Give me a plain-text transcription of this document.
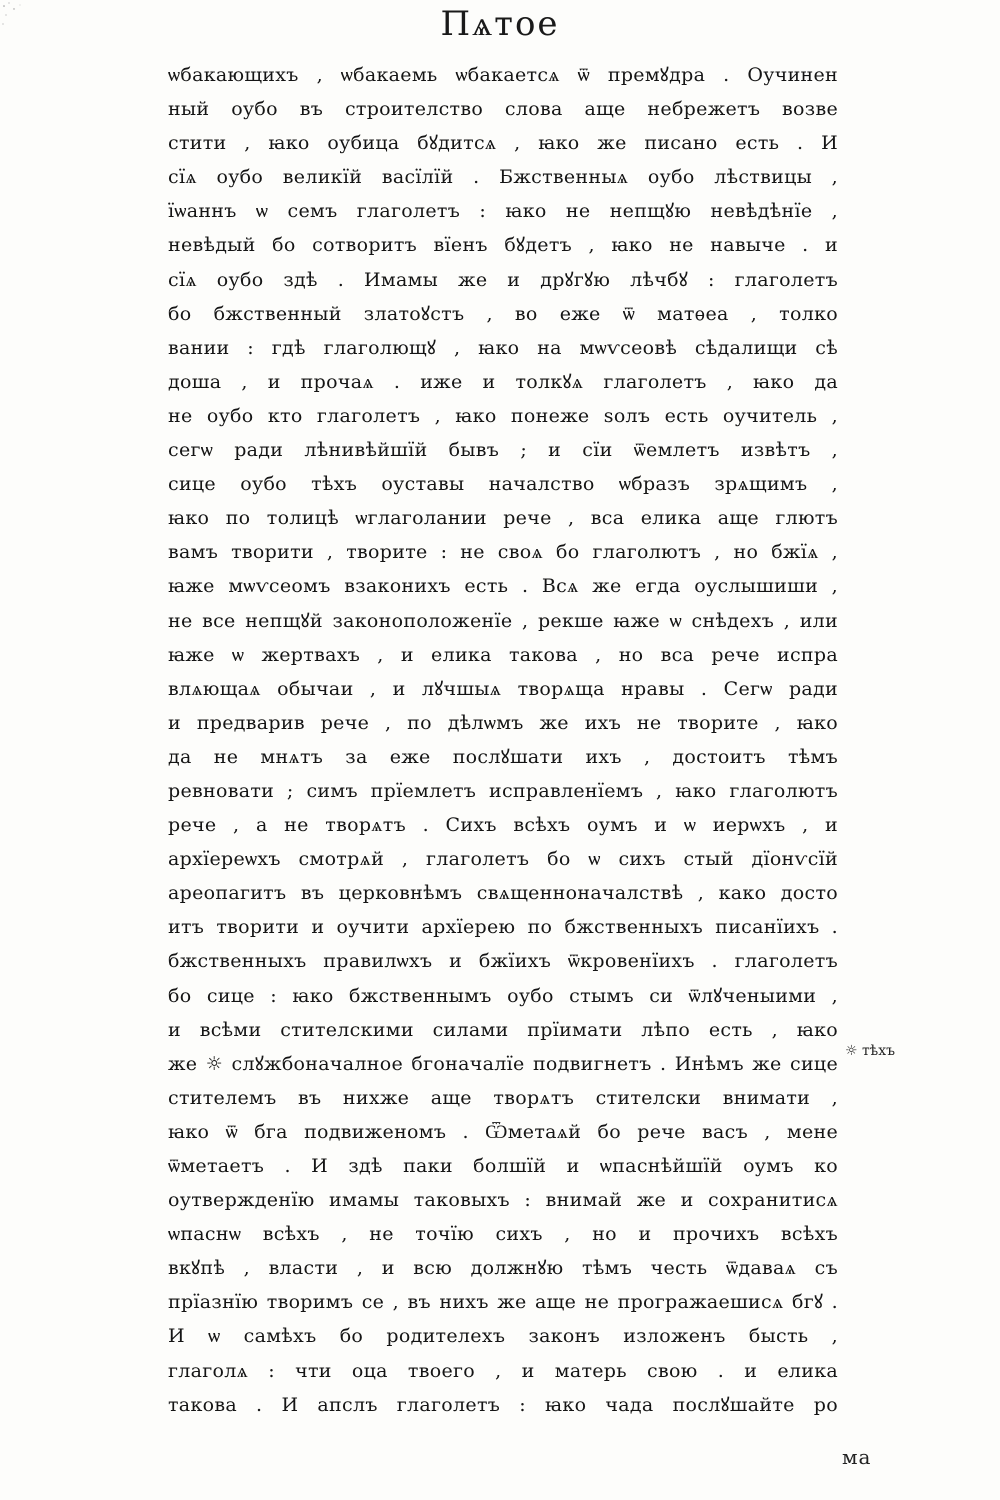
Пѧтое
ѡбакающихъ , ѡбакаемь ѡбакаетсѧ ѿ премꙋдра . Оучинен
ный оубо въ строителство слова аще небрежетъ возве
стити , ꙗко оубица бꙋдитсѧ , ꙗко же писано есть . И
сїѧ оубо великїй васїлїй . Бжственныѧ оубо лѣствицы ,
їѡаннъ ѡ семъ глаголетъ : ꙗко не непщꙋю невѣдѣнїе ,
невѣдый бо сотворитъ вїенъ бꙋдетъ , ꙗко не навыче . и
сїѧ оубо здѣ . Имамы же и дрꙋгꙋю лѣчбꙋ : глаголетъ
бо бжственный златоꙋстъ , во еже ѿ матѳеа , толко
вании : гдѣ глаголющꙋ , ꙗко на мѡѵсеовѣ сѣдалищи сѣ
доша , и прочаѧ . иже и толкꙋѧ глаголетъ , ꙗко да
не оубо кто глаголетъ , ꙗко понеже ѕолъ есть оучитель ,
сегѡ ради лѣнивѣйшїй бывъ ; и сїи ѿемлетъ извѣтъ ,
сице оубо тѣхъ оуставы началство ѡбразъ зрѧщимъ ,
ꙗко по толицѣ ѡглаголании рече , вса елика аще глютъ
вамъ творити , творите : не своѧ бо глаголютъ , но бжїѧ ,
ꙗже мѡѵсеомъ взаконихъ есть . Всѧ же егда оуслышиши ,
не все непщꙋй законоположенїе , рекше ꙗже ѡ снѣдехъ , или
ꙗже ѡ жертвахъ , и елика такова , но вса рече испра
влѧющаѧ обычаи , и лꙋчшыѧ творѧща нравы . Сегѡ ради
и предварив рече , по дѣлѡмъ же ихъ не творите , ꙗко
да не мнѧтъ за еже послꙋшати ихъ , достоитъ тѣмъ
ревновати ; симъ прїемлетъ исправленїемъ , ꙗко глаголютъ
рече , а не творѧтъ . Сихъ всѣхъ оумъ и ѡ иерѡхъ , и
архїереѡхъ смотрѧй , глаголетъ бо ѡ сихъ стый дїонѵсїй
ареопагитъ въ церковнѣмъ свѧщенноначалствѣ , како досто
итъ творити и оучити архїерею по бжственныхъ писанїихъ .
бжственныхъ правилѡхъ и бжїихъ ѿкровенїихъ . глаголетъ
бо сице : ꙗко бжственнымъ оубо стымъ си ѿлꙋченыими ,
и всѣми стителскими силами прїимати лѣпо есть , ꙗко
же ☼ слꙋжбоначалное бгоначалїе подвигнетъ . Инѣмъ же сице
стителемъ въ нихже аще творѧтъ стителски внимати ,
ꙗко ѿ бга подвиженомъ . Ѿметаѧй бо рече васъ , мене
ѿметаетъ . И здѣ паки болшїй и ѡпаснѣйшїй оумъ ко
оутвержденїю имамы таковыхъ : внимай же и сохранитисѧ
ѡпаснѡ всѣхъ , не точїю сихъ , но и прочихъ всѣхъ
вкꙋпѣ , власти , и всю должнꙋю тѣмъ честь ѿдаваѧ съ
прїазнїю творимъ се , въ нихъ же аще не програжаешисѧ бгꙋ .
И ѡ самѣхъ бо родителехъ законъ изложенъ бысть ,
глаголѧ : чти оца твоего , и матерь свою . и елика
такова . И апслъ глаголетъ : ꙗко чада послꙋшайте ро
☼ тѣхъ
ма
